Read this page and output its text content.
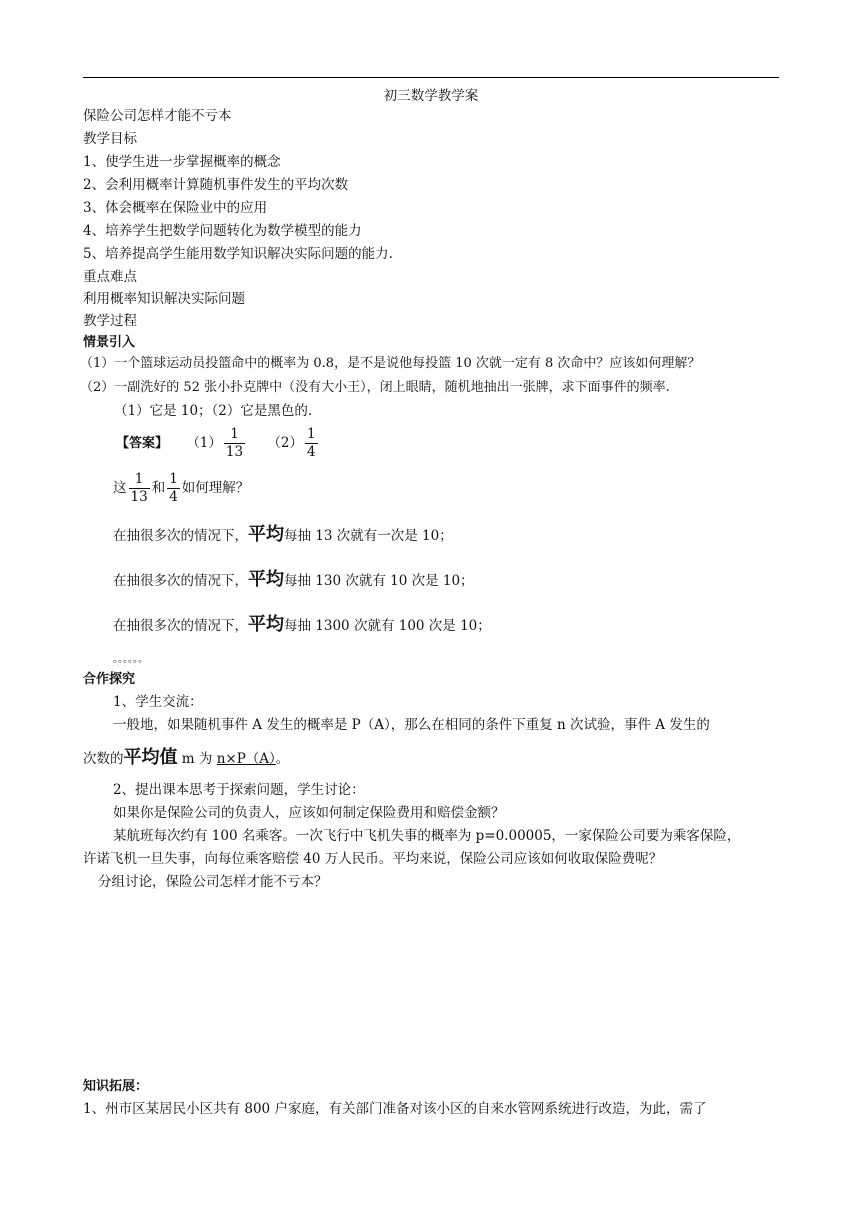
初三数学教学案
保险公司怎样才能不亏本
教学目标
1、使学生进一步掌握概率的概念
2、会利用概率计算随机事件发生的平均次数
3、体会概率在保险业中的应用
4、培养学生把数学问题转化为数学模型的能力
5、培养提高学生能用数学知识解决实际问题的能力.
重点难点
利用概率知识解决实际问题
教学过程
情景引入
（1）一个篮球运动员投篮命中的概率为 0.8，是不是说他每投篮 10 次就一定有 8 次命中？应该如何理解？
（2）一副洗好的 52 张小扑克牌中（没有大小王），闭上眼睛，随机地抽出一张牌，求下面事件的频率.
（1）它是 10；（2）它是黑色的.
【答案】 $(1) \frac{1}{13} (2) \frac{1}{4}$
这 $\frac{1}{13}$ 和 $\frac{1}{4}$ 如何理解？
在抽很多次的情况下，平均每抽 13 次就有一次是 10；
在抽很多次的情况下，平均每抽 130 次就有 10 次是 10；
在抽很多次的情况下，平均每抽 1300 次就有 100 次是 10；
。。。。。。
合作探究
1、学生交流：
一般地，如果随机事件 A 发生的概率是 P（A），那么在相同的条件下重复 n 次试验，事件 A 发生的
次数的平均值 m 为 n×P（A）。
2、提出课本思考于探索问题，学生讨论：
如果你是保险公司的负责人，应该如何制定保险费用和赔偿金额？
某航班每次约有 100 名乘客。一次飞行中飞机失事的概率为 p=0.00005，一家保险公司要为乘客保险，
许诺飞机一旦失事，向每位乘客赔偿 40 万人民币。平均来说，保险公司应该如何收取保险费呢？
分组讨论，保险公司怎样才能不亏本？
知识拓展：
1、州市区某居民小区共有 800 户家庭，有关部门准备对该小区的自来水管网系统进行改造，为此，需了
